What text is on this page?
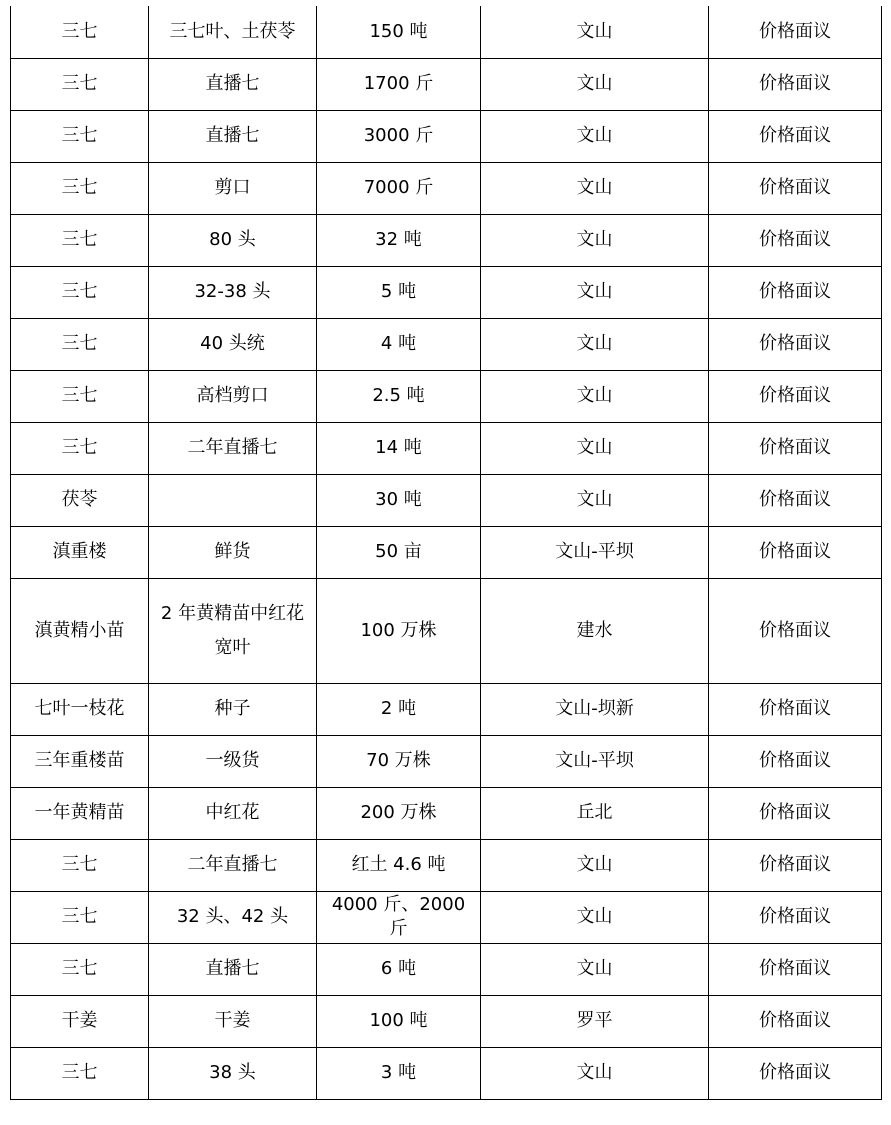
三七	三七叶、土茯苓	150 吨	文山	价格面议
三七	直播七	1700 斤	文山	价格面议
三七	直播七	3000 斤	文山	价格面议
三七	剪口	7000 斤	文山	价格面议
三七	80 头	32 吨	文山	价格面议
三七	32-38 头	5 吨	文山	价格面议
三七	40 头统	4 吨	文山	价格面议
三七	高档剪口	2.5 吨	文山	价格面议
三七	二年直播七	14 吨	文山	价格面议
茯苓		30 吨	文山	价格面议
滇重楼	鲜货	50 亩	文山-平坝	价格面议
滇黄精小苗	2 年黄精苗中红花宽叶	100 万株	建水	价格面议
七叶一枝花	种子	2 吨	文山-坝新	价格面议
三年重楼苗	一级货	70 万株	文山-平坝	价格面议
一年黄精苗	中红花	200 万株	丘北	价格面议
三七	二年直播七	红土 4.6 吨	文山	价格面议
三七	32 头、42 头	4000 斤、2000 斤	文山	价格面议
三七	直播七	6 吨	文山	价格面议
干姜	干姜	100 吨	罗平	价格面议
三七	38 头	3 吨	文山	价格面议
